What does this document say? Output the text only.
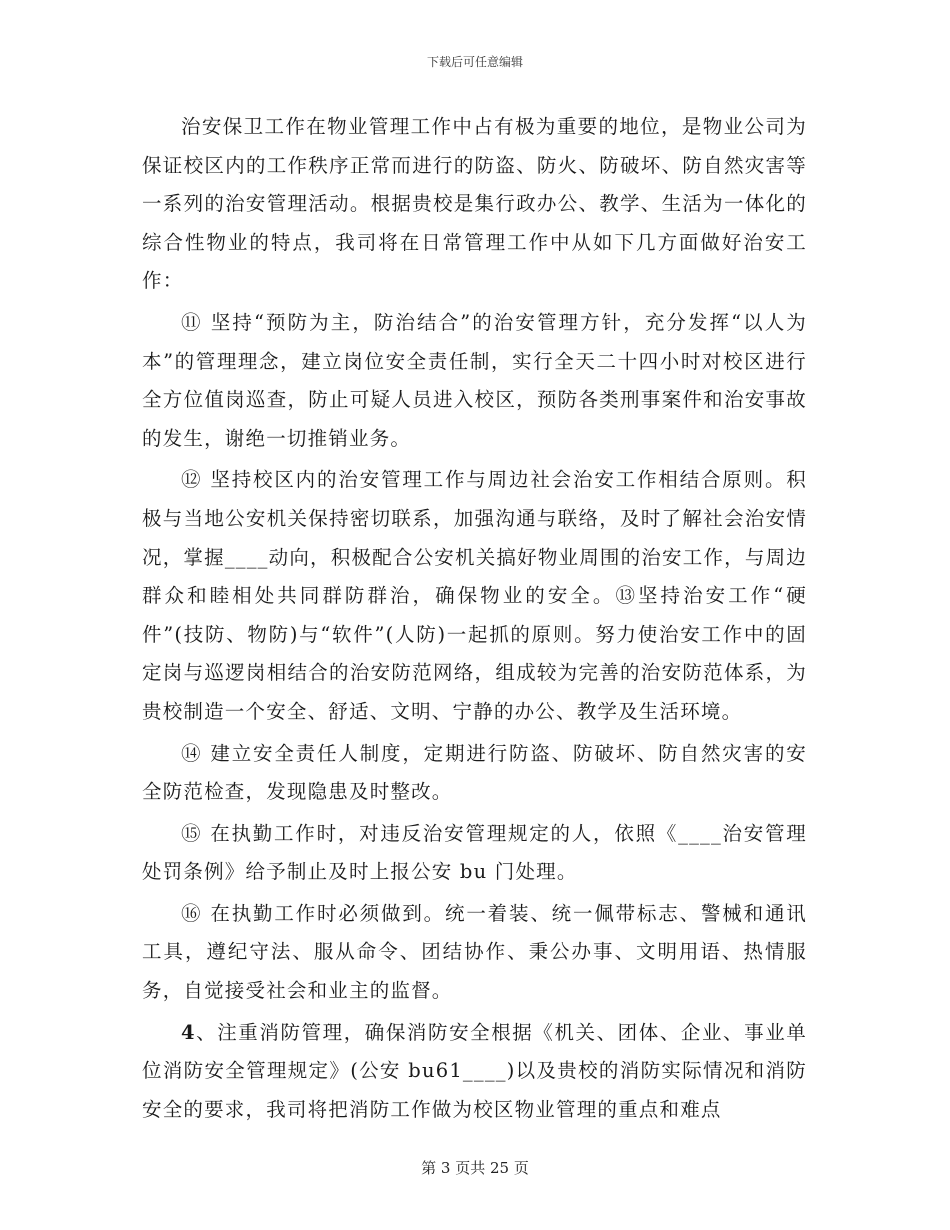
下载后可任意编辑

治安保卫工作在物业管理工作中占有极为重要的地位，是物业公司为保证校区内的工作秩序正常而进行的防盗、防火、防破坏、防自然灾害等一系列的治安管理活动。根据贵校是集行政办公、教学、生活为一体化的综合性物业的特点，我司将在日常管理工作中从如下几方面做好治安工作：

⑪ 坚持“预防为主，防治结合”的治安管理方针，充分发挥“以人为本”的管理理念，建立岗位安全责任制，实行全天二十四小时对校区进行全方位值岗巡查，防止可疑人员进入校区，预防各类刑事案件和治安事故的发生，谢绝一切推销业务。

⑫ 坚持校区内的治安管理工作与周边社会治安工作相结合原则。积极与当地公安机关保持密切联系，加强沟通与联络，及时了解社会治安情况，掌握____动向，积极配合公安机关搞好物业周围的治安工作，与周边群众和睦相处共同群防群治，确保物业的安全。⑬坚持治安工作“硬件”(技防、物防)与“软件”(人防)一起抓的原则。努力使治安工作中的固定岗与巡逻岗相结合的治安防范网络，组成较为完善的治安防范体系，为贵校制造一个安全、舒适、文明、宁静的办公、教学及生活环境。

⑭ 建立安全责任人制度，定期进行防盗、防破坏、防自然灾害的安全防范检查，发现隐患及时整改。

⑮ 在执勤工作时，对违反治安管理规定的人，依照《____治安管理处罚条例》给予制止及时上报公安 bu 门处理。

⑯ 在执勤工作时必须做到。统一着装、统一佩带标志、警械和通讯工具，遵纪守法、服从命令、团结协作、秉公办事、文明用语、热情服务，自觉接受社会和业主的监督。

4、注重消防管理，确保消防安全根据《机关、团体、企业、事业单位消防安全管理规定》(公安 bu61____)以及贵校的消防实际情况和消防安全的要求，我司将把消防工作做为校区物业管理的重点和难点

第 3 页共 25 页
